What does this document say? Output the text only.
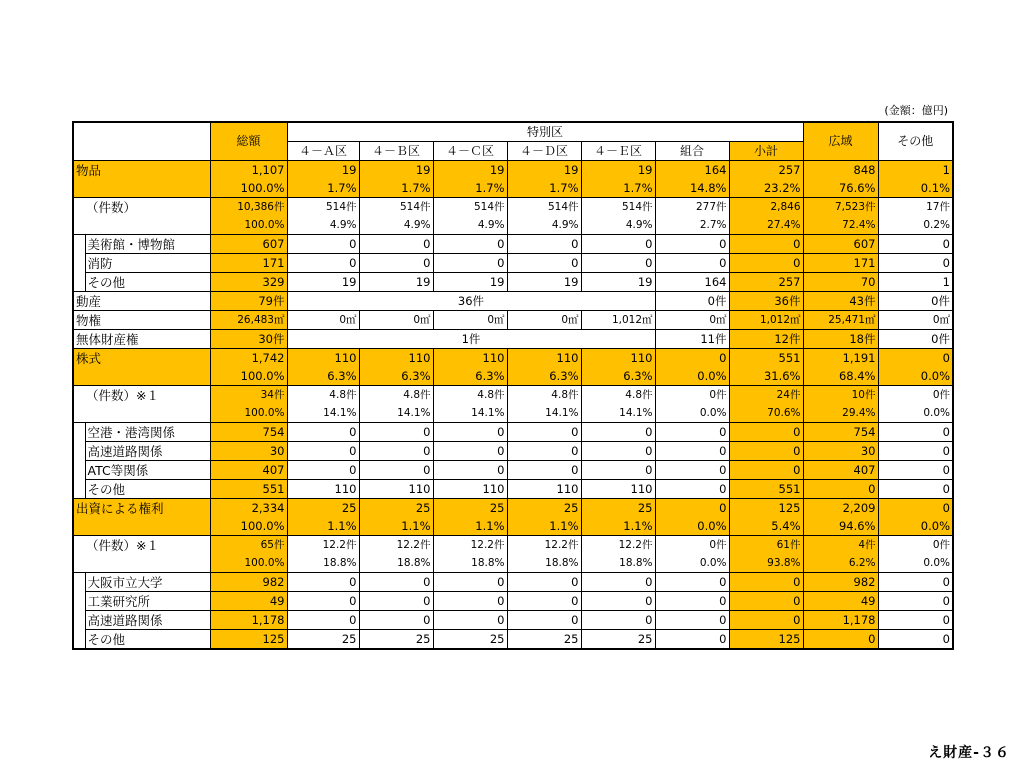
(金額：億円)
		総額	特別区							広域	その他
			４－Ａ区	４－Ｂ区	４－Ｃ区	４－Ｄ区	４－Ｅ区	組合	小計		
物品		1,107	19	19	19	19	19	164	257	848	1
		100.0%	1.7%	1.7%	1.7%	1.7%	1.7%	14.8%	23.2%	76.6%	0.1%
（件数）		10,386件	514件	514件	514件	514件	514件	277件	2,846	7,523件	17件
		100.0%	4.9%	4.9%	4.9%	4.9%	4.9%	2.7%	27.4%	72.4%	0.2%
	美術館・博物館	607	0	0	0	0	0	0	0	607	0
	消防	171	0	0	0	0	0	0	0	171	0
	その他	329	19	19	19	19	19	164	257	70	1
動産		79件	36件					0件	36件	43件	0件
物権		26,483㎡	0㎡	0㎡	0㎡	0㎡	1,012㎡	0㎡	1,012㎡	25,471㎡	0㎡
無体財産権		30件	1件					11件	12件	18件	0件
株式		1,742	110	110	110	110	110	0	551	1,191	0
		100.0%	6.3%	6.3%	6.3%	6.3%	6.3%	0.0%	31.6%	68.4%	0.0%
（件数）※１		34件	4.8件	4.8件	4.8件	4.8件	4.8件	0件	24件	10件	0件
		100.0%	14.1%	14.1%	14.1%	14.1%	14.1%	0.0%	70.6%	29.4%	0.0%
	空港・港湾関係	754	0	0	0	0	0	0	0	754	0
	高速道路関係	30	0	0	0	0	0	0	0	30	0
	ATC等関係	407	0	0	0	0	0	0	0	407	0
	その他	551	110	110	110	110	110	0	551	0	0
出資による権利		2,334	25	25	25	25	25	0	125	2,209	0
		100.0%	1.1%	1.1%	1.1%	1.1%	1.1%	0.0%	5.4%	94.6%	0.0%
（件数）※１		65件	12.2件	12.2件	12.2件	12.2件	12.2件	0件	61件	4件	0件
		100.0%	18.8%	18.8%	18.8%	18.8%	18.8%	0.0%	93.8%	6.2%	0.0%
	大阪市立大学	982	0	0	0	0	0	0	0	982	0
	工業研究所	49	0	0	0	0	0	0	0	49	0
	高速道路関係	1,178	0	0	0	0	0	0	0	1,178	0
	その他	125	25	25	25	25	25	0	125	0	0
え財産-３６
